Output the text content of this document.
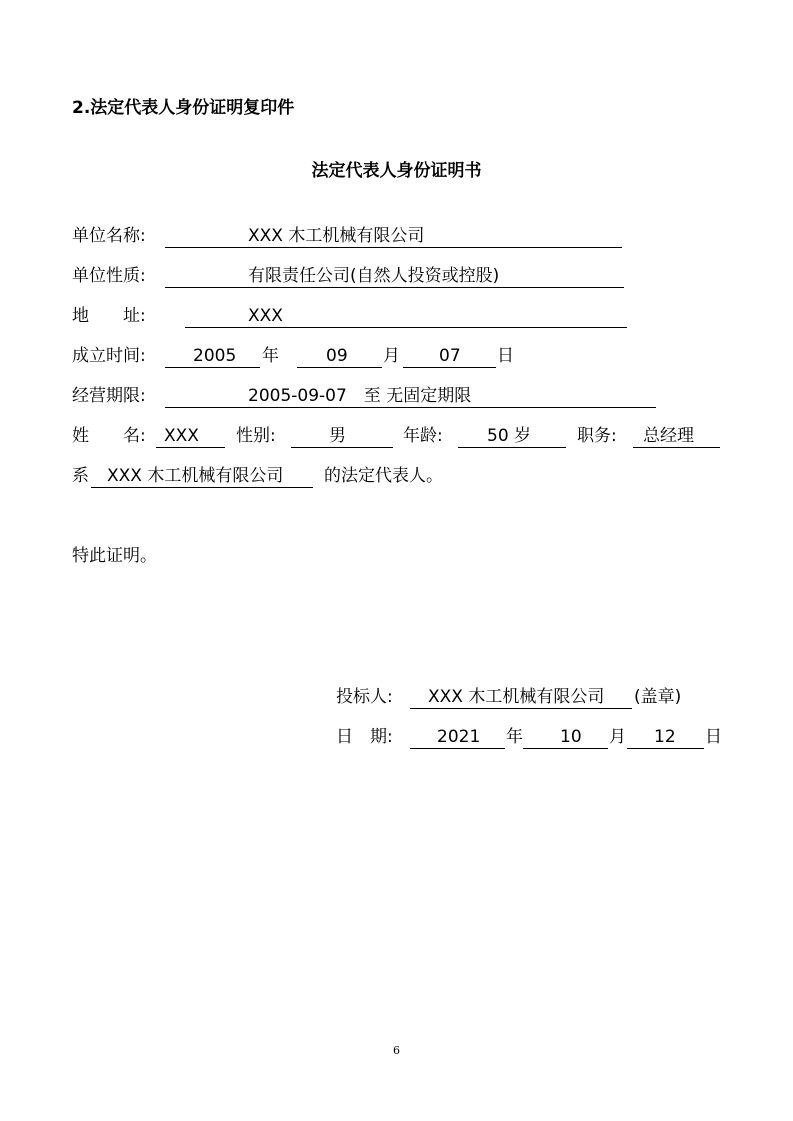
2.法定代表人身份证明复印件
法定代表人身份证明书
单位名称:	XXX 木工机械有限公司
单位性质:	有限责任公司(自然人投资或控股)
地　　址:	XXX
成立时间:	2005 年	09 月 07 日
经营期限:	2005-09-07　至 无固定期限
姓　　名: XXX 性别:	男	年龄:	50 岁	职务: 总经理
系 XXX 木工机械有限公司 的法定代表人。
特此证明。
投标人: XXX 木工机械有限公司 (盖章)
日　期:	2021 年 10 月 12 日
6
